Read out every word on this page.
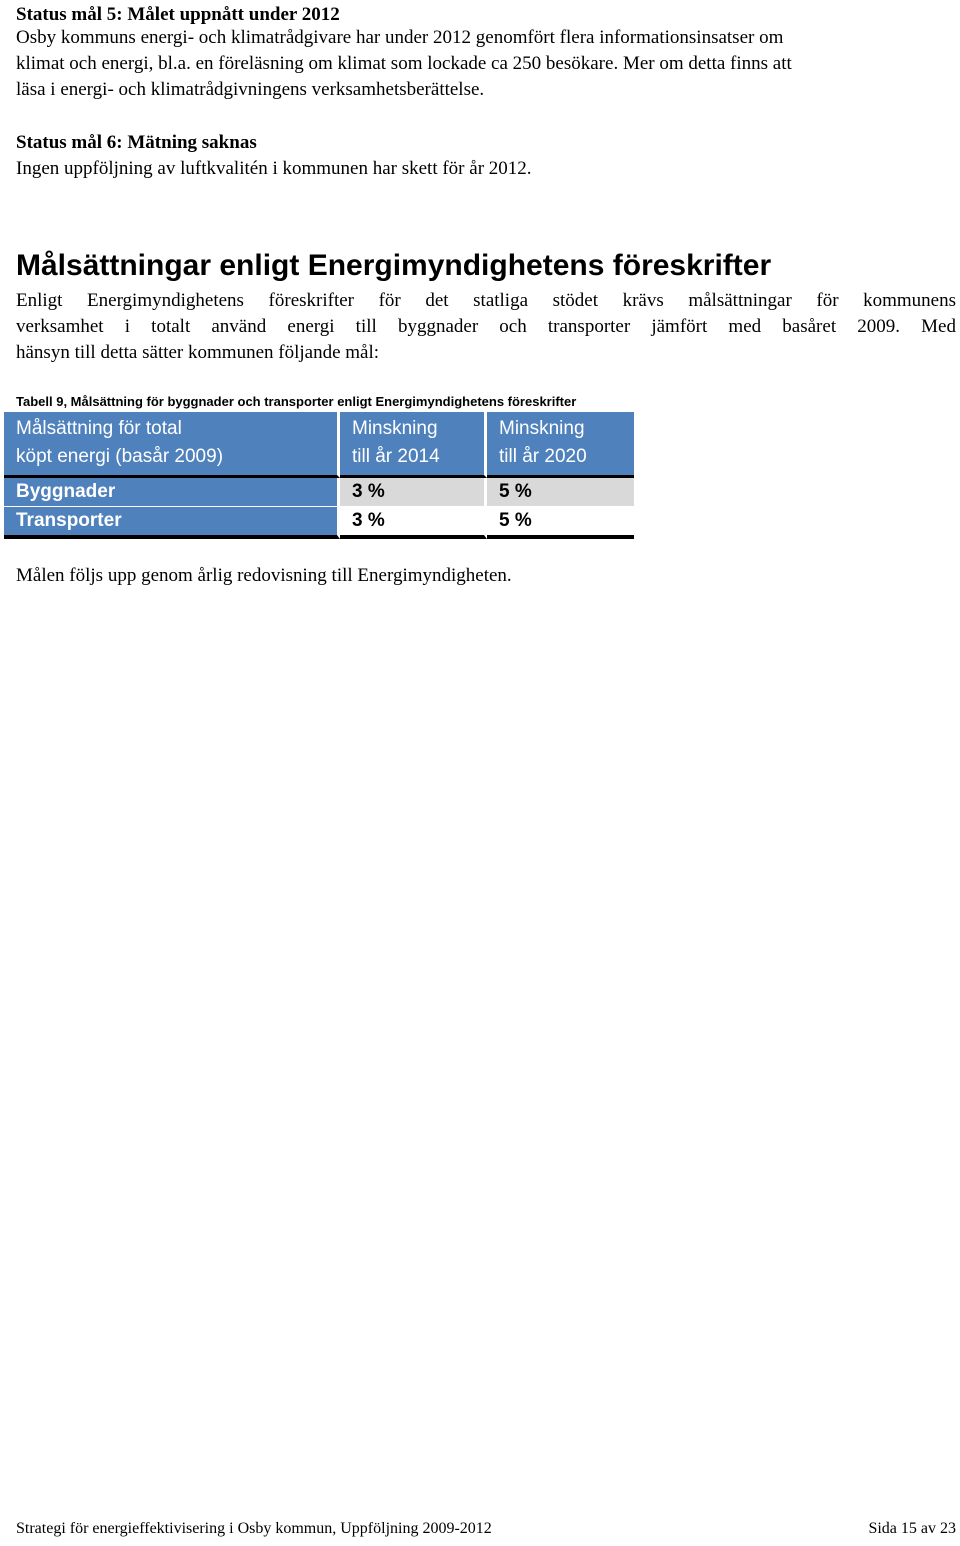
Status mål 5: Målet uppnått under 2012
Osby kommuns energi- och klimatrådgivare har under 2012 genomfört flera informationsinsatser om
klimat och energi, bl.a. en föreläsning om klimat som lockade ca 250 besökare. Mer om detta finns att
läsa i energi- och klimatrådgivningens verksamhetsberättelse.
Status mål 6: Mätning saknas
Ingen uppföljning av luftkvalitén i kommunen har skett för år 2012.
Målsättningar enligt Energimyndighetens föreskrifter
Enligt Energimyndighetens föreskrifter för det statliga stödet krävs målsättningar för kommunens
verksamhet i totalt använd energi till byggnader och transporter jämfört med basåret 2009. Med
hänsyn till detta sätter kommunen följande mål:
Tabell 9, Målsättning för byggnader och transporter enligt Energimyndighetens föreskrifter
Målsättning för total
köpt energi (basår 2009)	Minskning
till år 2014	Minskning
till år 2020

Byggnader	3 %	5 %
Transporter	3 %	5 %
Målen följs upp genom årlig redovisning till Energimyndigheten.
Strategi för energieffektivisering i Osby kommun, Uppföljning 2009-2012	Sida 15 av 23
